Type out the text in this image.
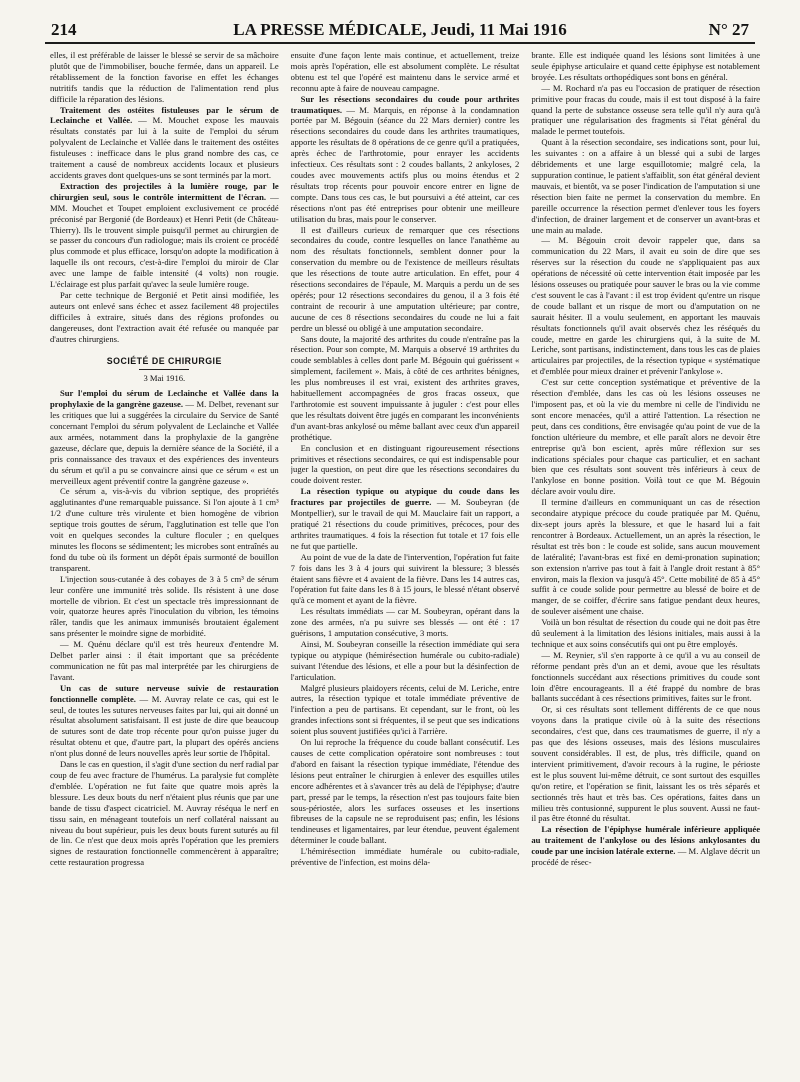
214	LA PRESSE MÉDICALE, Jeudi, 11 Mai 1916	N° 27

elles, il est préférable de laisser le blessé se servir de sa mâchoire plutôt que de l'immobiliser, bouche fermée, dans un appareil. Le rétablissement de la fonction favorise en effet les échanges nutritifs tandis que la réduction de l'alimentation rend plus difficile la réparation des lésions.

Traitement des ostéites fistuleuses par le sérum de Leclainche et Vallée. — M. Mouchet expose les mauvais résultats constatés par lui à la suite de l'emploi du sérum polyvalent de Leclainche et Vallée dans le traitement des ostéites fistuleuses : inefficace dans le plus grand nombre des cas, ce traitement a causé de nombreux accidents locaux et plusieurs accidents graves dont quelques-uns se sont terminés par la mort.

Extraction des projectiles à la lumière rouge, par le chirurgien seul, sous le contrôle intermittent de l'écran. — MM. Mouchet et Toupet emploient exclusivement ce procédé préconisé par Bergonié (de Bordeaux) et Henri Petit (de Château-Thierry). Ils le trouvent simple puisqu'il permet au chirurgien de se passer du concours d'un radiologue; mais ils croient ce procédé plus commode et plus efficace, lorsqu'on adopte la modification à laquelle ils ont recours, c'est-à-dire l'emploi du miroir de Clar avec une lampe de faible intensité (4 volts) non rougie. L'éclairage est plus parfait qu'avec la seule lumière rouge.

Par cette technique de Bergonié et Petit ainsi modifiée, les auteurs ont enlevé sans échec et assez facilement 48 projectiles difficiles à extraire, situés dans des régions profondes ou dangereuses, dont l'extraction avait été refusée ou manquée par d'autres chirurgiens.

SOCIÉTÉ DE CHIRURGIE
3 Mai 1916.

Sur l'emploi du sérum de Leclainche et Vallée dans la prophylaxie de la gangrène gazeuse. — M. Delbet, revenant sur les critiques que lui a suggérées la circulaire du Service de Santé concernant l'emploi du sérum polyvalent de Leclainche et Vallée aux armées, notamment dans la prophylaxie de la gangrène gazeuse, déclare que, depuis la dernière séance de la Société, il a pris connaissance des travaux et des expériences des inventeurs du sérum et qu'il a pu se convaincre ainsi que ce sérum « est un merveilleux agent préventif contre la gangrène gazeuse ».

Ce sérum a, vis-à-vis du vibrion septique, des propriétés agglutinantes d'une remarquable puissance. Si l'on ajoute à 1 cm³ 1/2 d'une culture très virulente et bien homogène de vibrion septique trois gouttes de sérum, l'agglutination est telle que l'on voit en quelques secondes la culture floculer ; en quelques minutes les flocons se sédimentent; les microbes sont entraînés au fond du tube où ils forment un dépôt épais surmonté de bouillon transparent.

L'injection sous-cutanée à des cobayes de 3 à 5 cm³ de sérum leur confère une immunité très solide. Ils résistent à une dose mortelle de vibrion. Et c'est un spectacle très impressionnant de voir, quatorze heures après l'inoculation du vibrion, les témoins râler, tandis que les animaux immunisés broutaient également sans présenter le moindre signe de morbidité.

— M. Quénu déclare qu'il est très heureux d'entendre M. Delbet parler ainsi : il était important que sa précédente communication ne fût pas mal interprétée par les chirurgiens de l'avant.

Un cas de suture nerveuse suivie de restauration fonctionnelle complète. — M. Auvray relate ce cas, qui est le seul, de toutes les sutures nerveuses faites par lui, qui ait donné un résultat absolument satisfaisant. Il est juste de dire que beaucoup de sutures sont de date trop récente pour qu'on puisse juger du résultat obtenu et que, d'autre part, la plupart des opérés anciens n'ont plus donné de leurs nouvelles après leur sortie de l'hôpital.

Dans le cas en question, il s'agit d'une section du nerf radial par coup de feu avec fracture de l'humérus. La paralysie fut complète d'emblée. L'opération ne fut faite que quatre mois après la blessure. Les deux bouts du nerf n'étaient plus réunis que par une bande de tissu d'aspect cicatriciel. M. Auvray réséqua le nerf en tissu sain, en ménageant toutefois un nerf collatéral naissant au niveau du bout supérieur, puis les deux bouts furent suturés au fil de lin. Ce n'est que deux mois après l'opération que les premiers signes de restauration fonctionnelle commencèrent à apparaître; cette restauration progressa

ensuite d'une façon lente mais continue, et actuellement, treize mois après l'opération, elle est absolument complète. Le résultat obtenu est tel que l'opéré est maintenu dans le service armé et reconnu apte à faire de nouveau campagne.

Sur les résections secondaires du coude pour arthrites traumatiques. — M. Marquis, en réponse à la condamnation portée par M. Bégouin (séance du 22 Mars dernier) contre les résections secondaires du coude dans les arthrites traumatiques, apporte les résultats de 8 opérations de ce genre qu'il a pratiquées, après échec de l'arthrotomie, pour enrayer les accidents infectieux. Ces résultats sont : 2 coudes ballants, 2 ankyloses, 2 coudes avec mouvements actifs plus ou moins étendus et 2 résultats trop récents pour pouvoir encore entrer en ligne de compte. Dans tous ces cas, le but poursuivi a été atteint, car ces résections n'ont pas été entreprises pour obtenir une meilleure utilisation du bras, mais pour le conserver.

Il est d'ailleurs curieux de remarquer que ces résections secondaires du coude, contre lesquelles on lance l'anathème au nom des résultats fonctionnels, semblent donner pour la conservation du membre ou de l'existence de meilleurs résultats que les résections de toute autre articulation. En effet, pour 4 résections secondaires de l'épaule, M. Marquis a perdu un de ses opérés; pour 12 résections secondaires du genou, il a 3 fois été contraint de recourir à une amputation ultérieure; par contre, aucune de ces 8 résections secondaires du coude ne lui a fait perdre un blessé ou obligé à une amputation secondaire.

Sans doute, la majorité des arthrites du coude n'entraîne pas la résection. Pour son compte, M. Marquis a observé 19 arthrites du coude semblables à celles dont parle M. Bégouin qui guérissent « simplement, facilement ». Mais, à côté de ces arthrites bénignes, les plus nombreuses il est vrai, existent des arthrites graves, habituellement accompagnées de gros fracas osseux, que l'arthrotomie est souvent impuissante à juguler : c'est pour elles que les résultats doivent être jugés en comparant les inconvénients d'un avant-bras ankylosé ou même ballant avec ceux d'un appareil prothétique.

En conclusion et en distinguant rigoureusement résections primitives et résections secondaires, ce qui est indispensable pour juger la question, on peut dire que les résections secondaires du coude doivent rester.

La résection typique ou atypique du coude dans les fractures par projectiles de guerre. — M. Soubeyran (de Montpellier), sur le travail de qui M. Mauclaire fait un rapport, a pratiqué 21 résections du coude primitives, précoces, pour des arthrites traumatiques. 4 fois la résection fut totale et 17 fois elle ne fut que partielle.

Au point de vue de la date de l'intervention, l'opération fut faite 7 fois dans les 3 à 4 jours qui suivirent la blessure; 3 blessés étaient sans fièvre et 4 avaient de la fièvre. Dans les 14 autres cas, l'opération fut faite dans les 8 à 15 jours, le blessé n'étant observé qu'à ce moment et ayant de la fièvre.

Les résultats immédiats — car M. Soubeyran, opérant dans la zone des armées, n'a pu suivre ses blessés — ont été : 17 guérisons, 1 amputation consécutive, 3 morts.

Ainsi, M. Soubeyran conseille la résection immédiate qui sera typique ou atypique (hémirésection humérale ou cubito-radiale) suivant l'étendue des lésions, et elle a pour but la désinfection de l'articulation.

Malgré plusieurs plaidoyers récents, celui de M. Leriche, entre autres, la résection typique et totale immédiate préventive de l'infection a peu de partisans. Et cependant, sur le front, où les grandes infections sont si fréquentes, il se peut que ses indications soient plus souvent justifiées qu'ici à l'arrière.

On lui reproche la fréquence du coude ballant consécutif. Les causes de cette complication opératoire sont nombreuses : tout d'abord en faisant la résection typique immédiate, l'étendue des lésions peut entraîner le chirurgien à enlever des esquilles utiles encore adhérentes et à s'avancer très au delà de l'épiphyse; d'autre part, pressé par le temps, la résection n'est pas toujours faite bien sous-périostée, alors les surfaces osseuses et les insertions fibreuses de la capsule ne se reproduisent pas; enfin, les lésions tendineuses et ligamentaires, par leur étendue, peuvent également déterminer le coude ballant.

L'hémirésection immédiate humérale ou cubito-radiale, préventive de l'infection, est moins déla-

brante. Elle est indiquée quand les lésions sont limitées à une seule épiphyse articulaire et quand cette épiphyse est notablement broyée. Les résultats orthopédiques sont bons en général.

— M. Rochard n'a pas eu l'occasion de pratiquer de résection primitive pour fracas du coude, mais il est tout disposé à la faire quand la perte de substance osseuse sera telle qu'il n'y aura qu'à pratiquer une régularisation des fragments si l'état général du malade le permet toutefois.

Quant à la résection secondaire, ses indications sont, pour lui, les suivantes : on a affaire à un blessé qui a subi de larges débridements et une large esquillotomie; malgré cela, la suppuration continue, le patient s'affaiblit, son état général devient mauvais, et bientôt, va se poser l'indication de l'amputation si une résection bien faite ne permet la conservation du membre. En pareille occurrence la résection permet d'enlever tous les foyers d'infection, de drainer largement et de conserver un avant-bras et une main au malade.

— M. Bégouin croit devoir rappeler que, dans sa communication du 22 Mars, il avait eu soin de dire que ses réserves sur la résection du coude ne s'appliquaient pas aux opérations de nécessité où cette intervention était imposée par les lésions osseuses ou pratiquée pour sauver le bras ou la vie comme c'est souvent le cas à l'avant : il est trop évident qu'entre un risque de coude ballant et un risque de mort ou d'amputation on ne saurait hésiter. Il a voulu seulement, en apportant les mauvais résultats fonctionnels qu'il avait observés chez les réséqués du coude, mettre en garde les chirurgiens qui, à la suite de M. Leriche, sont partisans, indistinctement, dans tous les cas de plaies articulaires par projectiles, de la résection typique « systématique et d'emblée pour mieux drainer et prévenir l'ankylose ».

C'est sur cette conception systématique et préventive de la résection d'emblée, dans les cas où les lésions osseuses ne l'imposent pas, et où la vie du membre ni celle de l'individu ne sont encore menacées, qu'il a attiré l'attention. La résection ne peut, dans ces conditions, être envisagée qu'au point de vue de la fonction ultérieure du membre, et elle paraît alors ne devoir être entreprise qu'à bon escient, après mûre réflexion sur ses indications spéciales pour chaque cas particulier, et en sachant bien que ces résultats sont souvent très inférieurs à ceux de l'ankylose en bonne position. Voilà tout ce que M. Bégouin déclare avoir voulu dire.

Il termine d'ailleurs en communiquant un cas de résection secondaire atypique précoce du coude pratiquée par M. Quénu, dix-sept jours après la blessure, et que le hasard lui a fait rencontrer à Bordeaux. Actuellement, un an après la résection, le résultat est très bon : le coude est solide, sans aucun mouvement de latéralité; l'avant-bras est fixé en demi-pronation supination; son extension n'arrive pas tout à fait à l'angle droit restant à 85° environ, mais la flexion va jusqu'à 45°. Cette mobilité de 85 à 45° suffit à ce coude solide pour permettre au blessé de boire et de manger, de se coiffer, d'écrire sans fatigue pendant deux heures, de soulever aisément une chaise.

Voilà un bon résultat de résection du coude qui ne doit pas être dû seulement à la limitation des lésions initiales, mais aussi à la technique et aux soins consécutifs qui ont pu être employés.

— M. Reynier, s'il s'en rapporte à ce qu'il a vu au conseil de réforme pendant près d'un an et demi, avoue que les résultats fonctionnels succédant aux résections primitives du coude sont loin d'être encourageants. Il a été frappé du nombre de bras ballants succédant à ces résections primitives, faites sur le front.

Or, si ces résultats sont tellement différents de ce que nous voyons dans la pratique civile où à la suite des résections secondaires, c'est que, dans ces traumatismes de guerre, il n'y a pas que des lésions osseuses, mais des lésions musculaires souvent considérables. Il est, de plus, très difficile, quand on intervient primitivement, d'avoir recours à la rugine, le périoste est le plus souvent lui-même détruit, ce sont surtout des esquilles qu'on retire, et l'opération se finit, laissant les os très séparés et sectionnés très haut et très bas. Ces opérations, faites dans un milieu très contusionné, suppurent le plus souvent. Aussi ne faut-il pas être étonné du résultat.

La résection de l'épiphyse humérale inférieure appliquée au traitement de l'ankylose ou des lésions ankylosantes du coude par une incision latérale externe. — M. Alglave décrit un procédé de résec-
